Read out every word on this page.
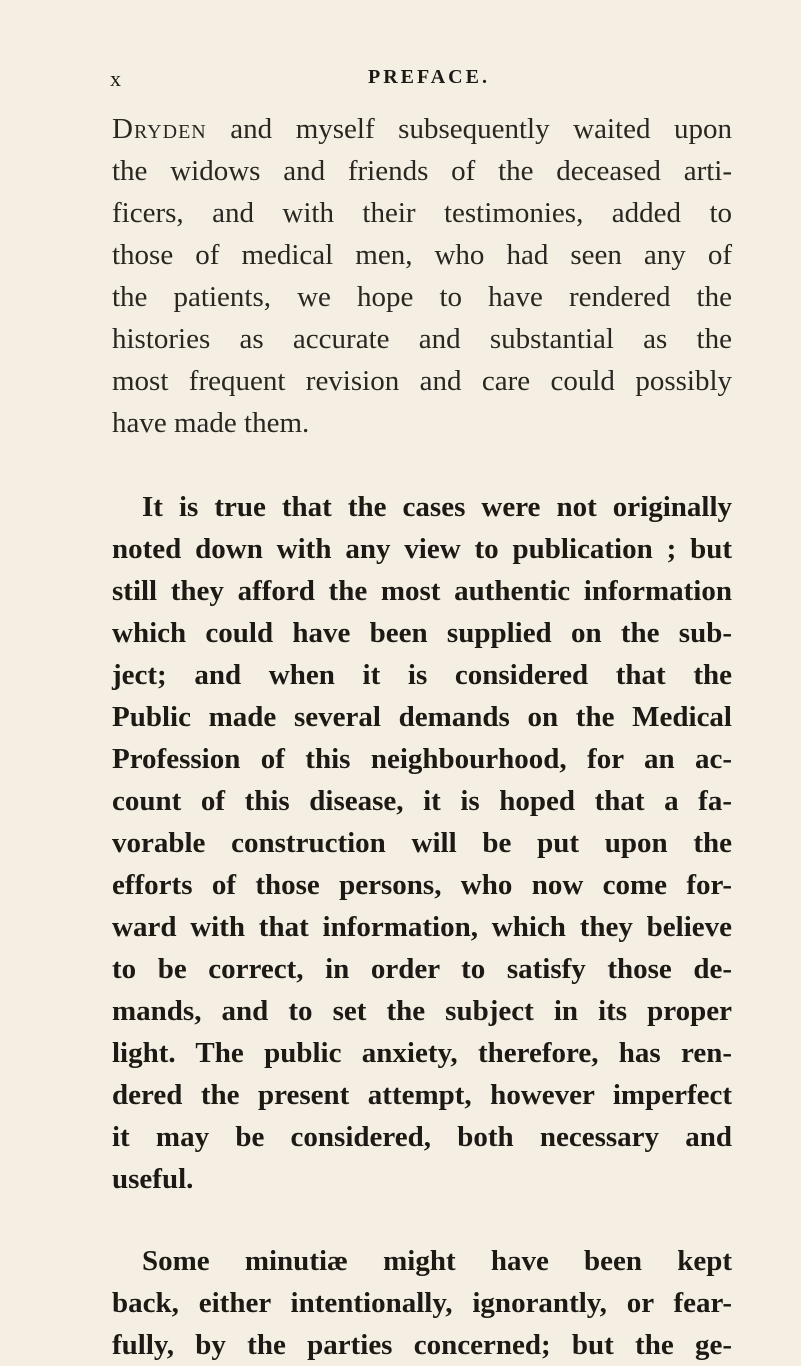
x	PREFACE.
Dryden and myself subsequently waited upon
the widows and friends of the deceased arti-
ficers, and with their testimonies, added to
those of medical men, who had seen any of
the patients, we hope to have rendered the
histories as accurate and substantial as the
most frequent revision and care could possibly
have made them.
It is true that the cases were not originally
noted down with any view to publication ; but
still they afford the most authentic information
which could have been supplied on the sub-
ject; and when it is considered that the
Public made several demands on the Medical
Profession of this neighbourhood, for an ac-
count of this disease, it is hoped that a fa-
vorable construction will be put upon the
efforts of those persons, who now come for-
ward with that information, which they believe
to be correct, in order to satisfy those de-
mands, and to set the subject in its proper
light. The public anxiety, therefore, has ren-
dered the present attempt, however imperfect
it may be considered, both necessary and
useful.
Some minutiæ might have been kept
back, either intentionally, ignorantly, or fear-
fully, by the parties concerned; but the ge-
